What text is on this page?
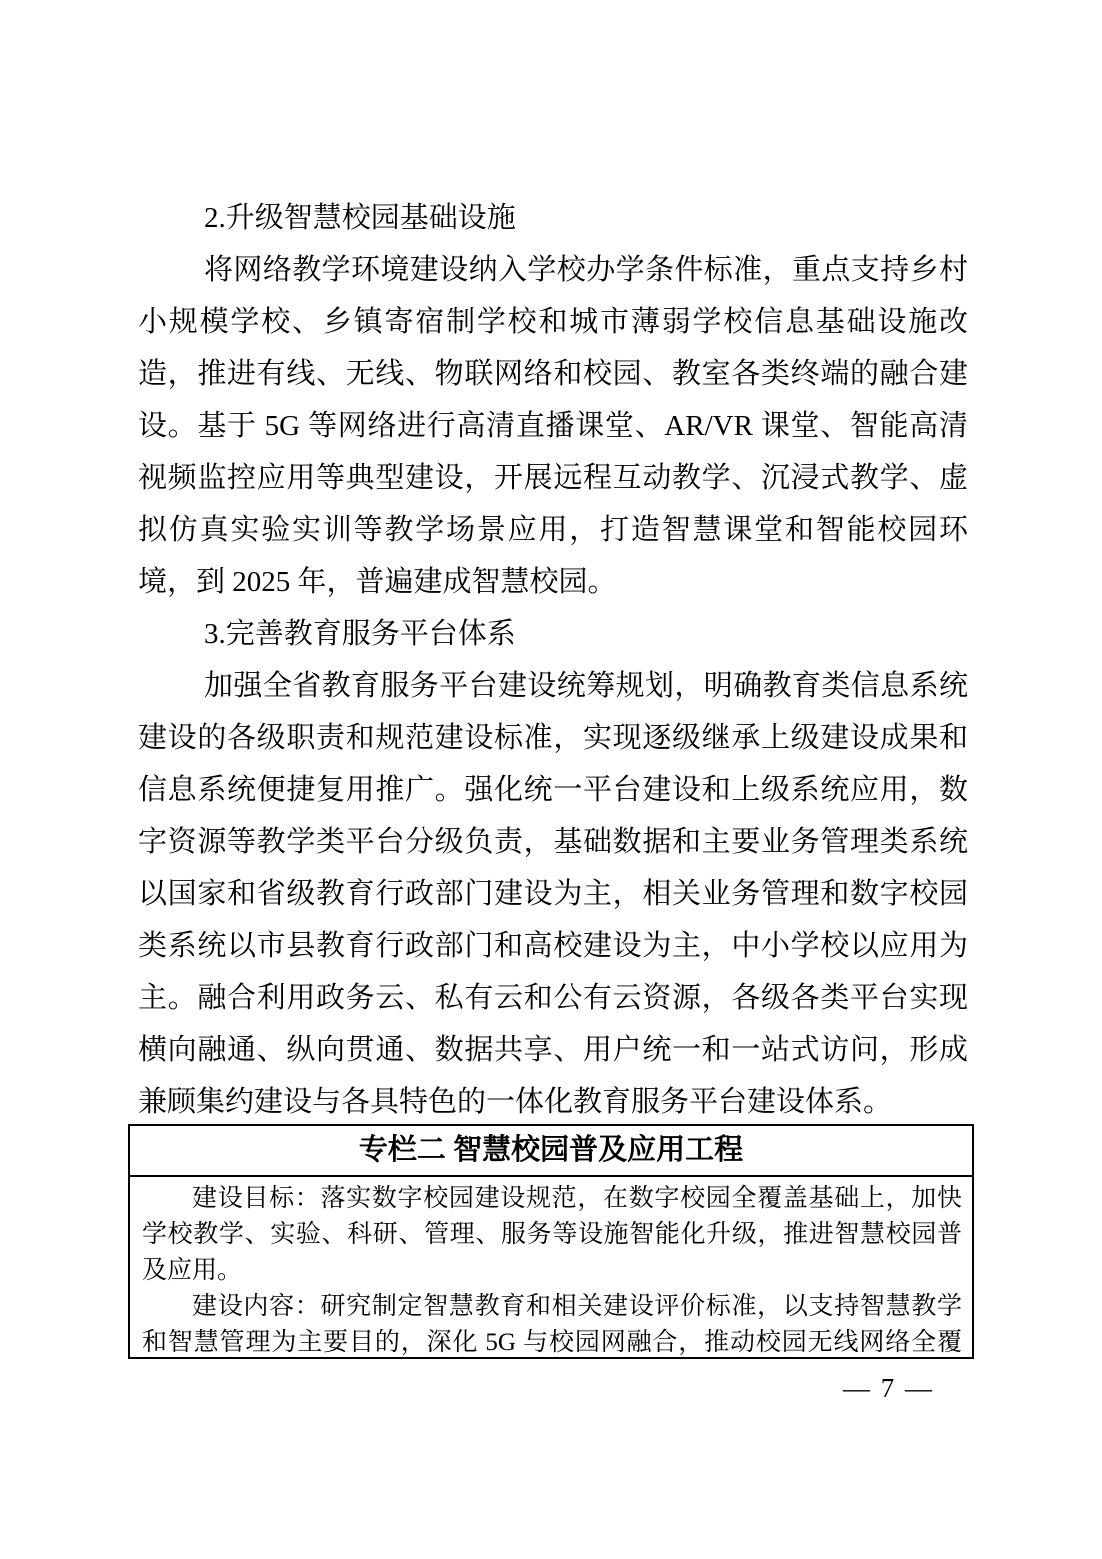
2.升级智慧校园基础设施
将网络教学环境建设纳入学校办学条件标准，重点支持乡村
小规模学校、乡镇寄宿制学校和城市薄弱学校信息基础设施改
造，推进有线、无线、物联网络和校园、教室各类终端的融合建
设。基于 5G 等网络进行高清直播课堂、AR/VR 课堂、智能高清
视频监控应用等典型建设，开展远程互动教学、沉浸式教学、虚
拟仿真实验实训等教学场景应用，打造智慧课堂和智能校园环
境，到 2025 年，普遍建成智慧校园。
3.完善教育服务平台体系
加强全省教育服务平台建设统筹规划，明确教育类信息系统
建设的各级职责和规范建设标准，实现逐级继承上级建设成果和
信息系统便捷复用推广。强化统一平台建设和上级系统应用，数
字资源等教学类平台分级负责，基础数据和主要业务管理类系统
以国家和省级教育行政部门建设为主，相关业务管理和数字校园
类系统以市县教育行政部门和高校建设为主，中小学校以应用为
主。融合利用政务云、私有云和公有云资源，各级各类平台实现
横向融通、纵向贯通、数据共享、用户统一和一站式访问，形成
兼顾集约建设与各具特色的一体化教育服务平台建设体系。
专栏二 智慧校园普及应用工程
建设目标：落实数字校园建设规范，在数字校园全覆盖基础上，加快
学校教学、实验、科研、管理、服务等设施智能化升级，推进智慧校园普
及应用。
建设内容：研究制定智慧教育和相关建设评价标准，以支持智慧教学
和智慧管理为主要目的，深化 5G 与校园网融合，推动校园无线网络全覆
— 7 —
